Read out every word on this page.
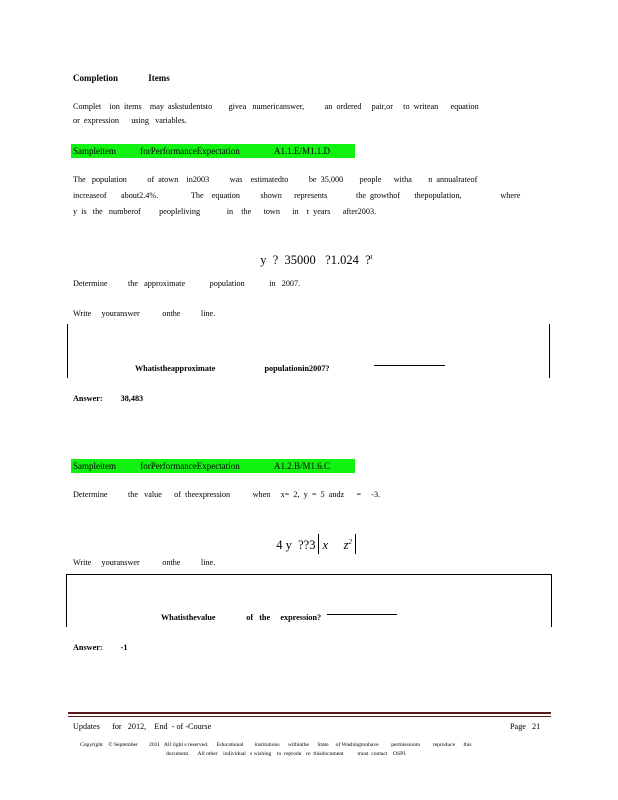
Completion	Items
Complet    ion  items    may  askstudentsto        givea   numericanswer,          an  ordered     pair,or     to  writean      equation
or  expression      using   variables.
Sampleitem	forPerformanceExpectation	A1.1.E/M1.1.D
The   population          of  atown    in2003          was    estimatedto          be  35,000        people      witha        n  annualrateof
increaseof       about2.4%.                The    equation          shown      represents              the  growthof       thepopulation,                   where
y  is   the   numberof         peopleliving             in    the      town      in    t  years      after2003.

y  ?  35000   ?1.024  ?$^t$

Determine          the   approximate            population            in   2007.
Write     youranswer           onthe          line.

Whatistheapproximate                        populationin2007?

Answer: 38,483
Sampleitem	forPerformanceExpectation	A1.2.B/M1.6.C
Determine          the   value      of  theexpression           when     x=  2,  y  =  5  andz      =     -3.

4 y  ??3 x     $z^2$

Write     youranswer           onthe          line.

Whatisthevalue               of   the     expression?

Answer: -1
Updates      for   2012,    End  - of -Course	Page   21
Copyright    © September        2011   All right s reserved.      Educational        institutions      withinthe      State     of Washingtonhave         permissionto         reproduce      this
document.      All other    individual   s wishing    to  reprodu   ce  thisdocument          must  contact    OSPI.
